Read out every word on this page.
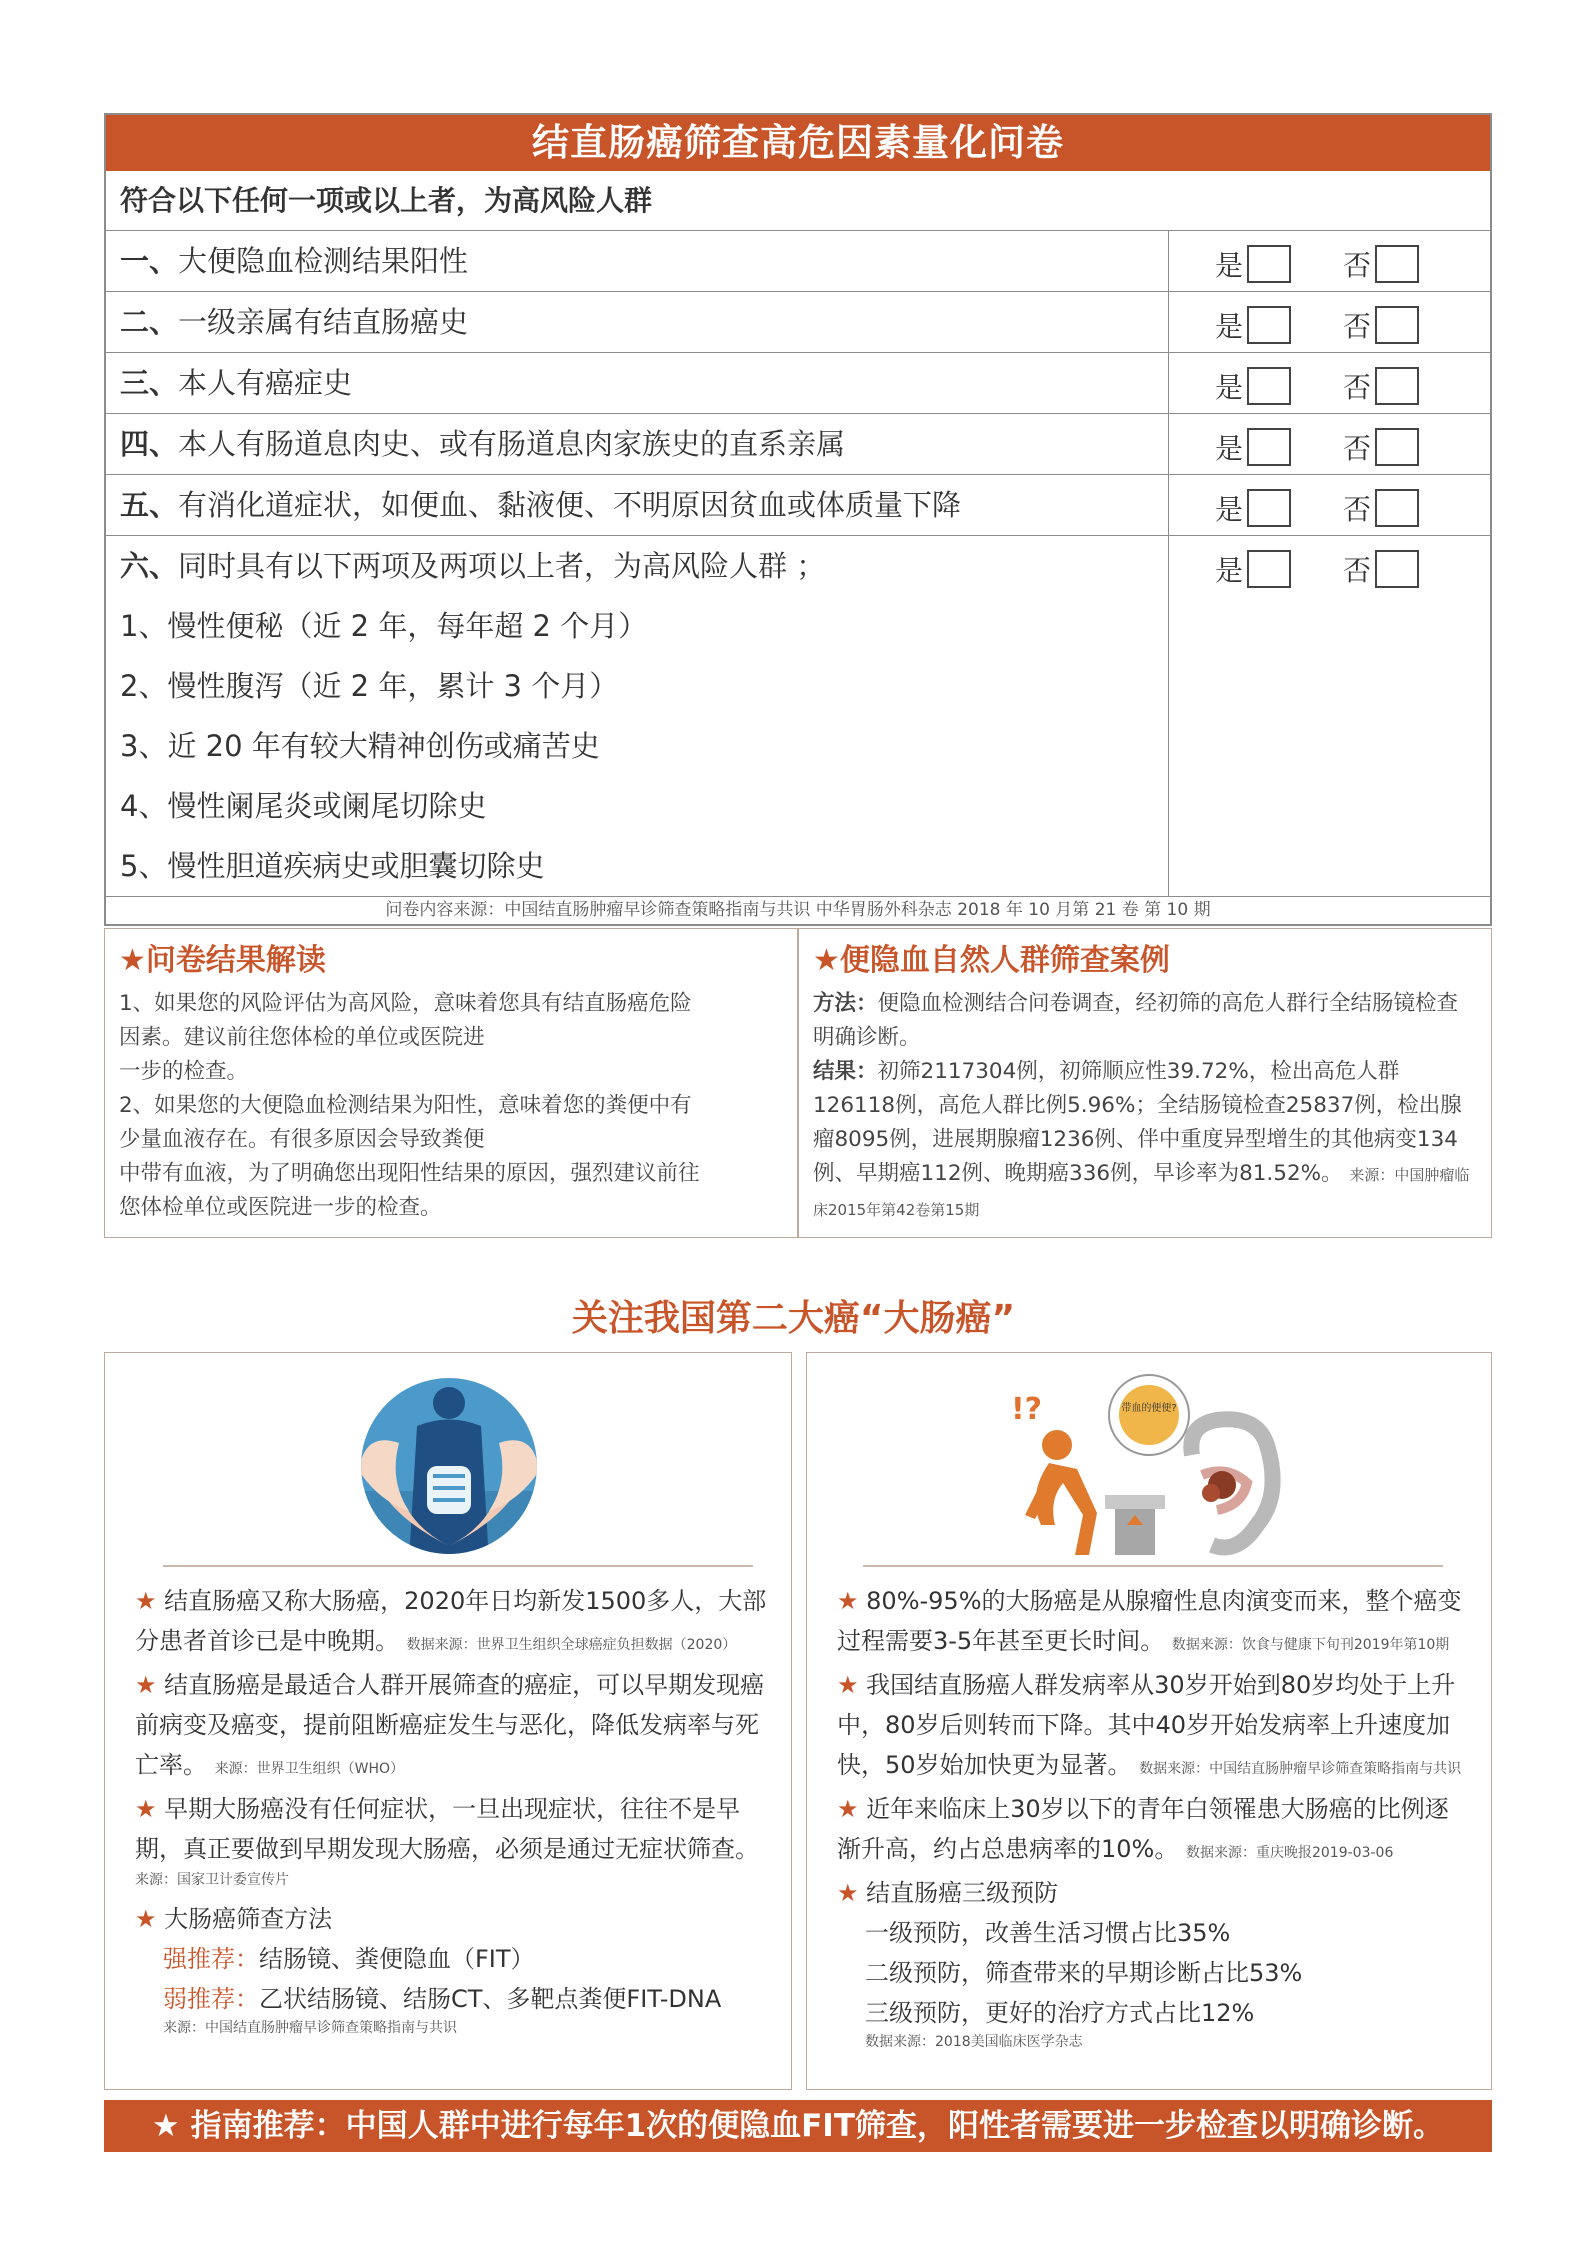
结直肠癌筛查高危因素量化问卷
符合以下任何一项或以上者，为高风险人群
一、大便隐血检测结果阳性	是	否
二、一级亲属有结直肠癌史	是	否
三、本人有癌症史	是	否
四、本人有肠道息肉史、或有肠道息肉家族史的直系亲属	是	否
五、有消化道症状，如便血、黏液便、不明原因贫血或体质量下降	是	否
六、同时具有以下两项及两项以上者，为高风险人群 ；
1、慢性便秘（近 2 年，每年超 2 个月）
2、慢性腹泻（近 2 年，累计 3 个月）
3、近 20 年有较大精神创伤或痛苦史
4、慢性阑尾炎或阑尾切除史
5、慢性胆道疾病史或胆囊切除史
是	否
问卷内容来源：中国结直肠肿瘤早诊筛查策略指南与共识 中华胃肠外科杂志 2018 年 10 月第 21 卷 第 10 期
★问卷结果解读
1、如果您的风险评估为高风险，意味着您具有结直肠癌危险
因素。建议前往您体检的单位或医院进
一步的检查。
2、如果您的大便隐血检测结果为阳性，意味着您的粪便中有
少量血液存在。有很多原因会导致粪便
中带有血液，为了明确您出现阳性结果的原因，强烈建议前往
您体检单位或医院进一步的检查。
★便隐血自然人群筛查案例
方法：便隐血检测结合问卷调查，经初筛的高危人群行全结肠镜检查明确诊断。
结果：初筛2117304例，初筛顺应性39.72%，检出高危人群126118例，高危人群比例5.96%；全结肠镜检查25837例，检出腺瘤8095例，进展期腺瘤1236例、伴中重度异型增生的其他病变134例、早期癌112例、晚期癌336例，早诊率为81.52%。 来源：中国肿瘤临床2015年第42卷第15期
关注我国第二大癌“大肠癌”
★ 结直肠癌又称大肠癌，2020年日均新发1500多人，大部分患者首诊已是中晚期。 数据来源：世界卫生组织全球癌症负担数据（2020）
★ 结直肠癌是最适合人群开展筛查的癌症，可以早期发现癌前病变及癌变，提前阻断癌症发生与恶化，降低发病率与死亡率。 来源：世界卫生组织（WHO）
★ 早期大肠癌没有任何症状，一旦出现症状，往往不是早期，真正要做到早期发现大肠癌，必须是通过无症状筛查。
来源：国家卫计委宣传片
★ 大肠癌筛查方法
强推荐：结肠镜、粪便隐血（FIT）
弱推荐：乙状结肠镜、结肠CT、多靶点粪便FIT-DNA
来源：中国结直肠肿瘤早诊筛查策略指南与共识
!?	带血的便便?
★ 80%-95%的大肠癌是从腺瘤性息肉演变而来，整个癌变过程需要3-5年甚至更长时间。 数据来源：饮食与健康下旬刊2019年第10期
★ 我国结直肠癌人群发病率从30岁开始到80岁均处于上升中，80岁后则转而下降。其中40岁开始发病率上升速度加快，50岁始加快更为显著。 数据来源：中国结直肠肿瘤早诊筛查策略指南与共识
★ 近年来临床上30岁以下的青年白领罹患大肠癌的比例逐渐升高，约占总患病率的10%。 数据来源：重庆晚报2019-03-06
★ 结直肠癌三级预防
一级预防，改善生活习惯占比35%
二级预防，筛查带来的早期诊断占比53%
三级预防，更好的治疗方式占比12%
数据来源：2018美国临床医学杂志
★ 指南推荐：中国人群中进行每年1次的便隐血FIT筛查，阳性者需要进一步检查以明确诊断。
